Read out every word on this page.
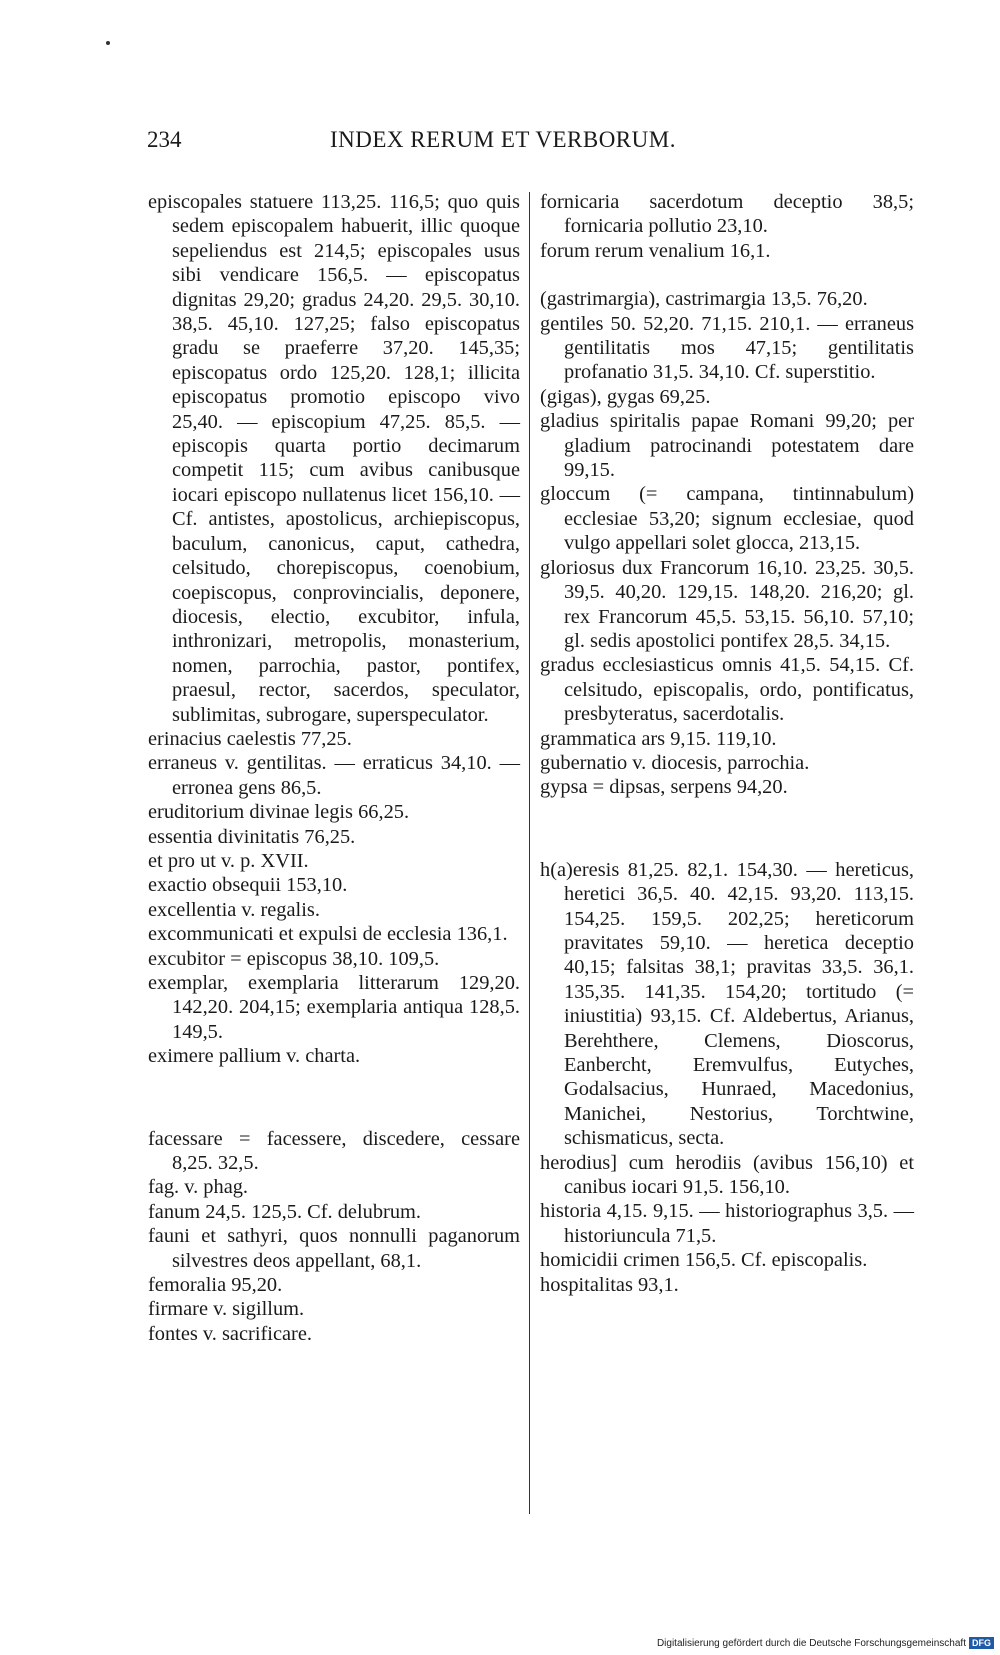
234	INDEX RERUM ET VERBORUM.

episcopales statuere 113,25. 116,5; quo quis sedem episcopalem habuerit, illic quoque sepeliendus est 214,5; episcopales usus sibi vendicare 156,5. — episcopatus dignitas 29,20; gradus 24,20. 29,5. 30,10. 38,5. 45,10. 127,25; falso episcopatus gradu se praeferre 37,20. 145,35; episcopatus ordo 125,20. 128,1; illicita episcopatus promotio episcopo vivo 25,40. — episcopium 47,25. 85,5. — episcopis quarta portio decimarum competit 115; cum avibus canibusque iocari episcopo nullatenus licet 156,10. — Cf. antistes, apostolicus, archiepiscopus, baculum, canonicus, caput, cathedra, celsitudo, chorepiscopus, coenobium, coepiscopus, conprovincialis, deponere, diocesis, electio, excubitor, infula, inthronizari, metropolis, monasterium, nomen, parrochia, pastor, pontifex, praesul, rector, sacerdos, speculator, sublimitas, subrogare, superspeculator.

erinacius caelestis 77,25.

erraneus v. gentilitas. — erraticus 34,10. — erronea gens 86,5.

eruditorium divinae legis 66,25.

essentia divinitatis 76,25.

et pro ut v. p. XVII.

exactio obsequii 153,10.

excellentia v. regalis.

excommunicati et expulsi de ecclesia 136,1.

excubitor = episcopus 38,10. 109,5.

exemplar, exemplaria litterarum 129,20. 142,20. 204,15; exemplaria antiqua 128,5. 149,5.

eximere pallium v. charta.

facessare = facessere, discedere, cessare 8,25. 32,5.

fag. v. phag.

fanum 24,5. 125,5. Cf. delubrum.

fauni et sathyri, quos nonnulli paganorum silvestres deos appellant, 68,1.

femoralia 95,20.

firmare v. sigillum.

fontes v. sacrificare.

fornicaria sacerdotum deceptio 38,5; fornicaria pollutio 23,10.

forum rerum venalium 16,1.

(gastrimargia), castrimargia 13,5. 76,20.

gentiles 50. 52,20. 71,15. 210,1. — erraneus gentilitatis mos 47,15; gentilitatis profanatio 31,5. 34,10. Cf. superstitio.

(gigas), gygas 69,25.

gladius spiritalis papae Romani 99,20; per gladium patrocinandi potestatem dare 99,15.

gloccum (= campana, tintinnabulum) ecclesiae 53,20; signum ecclesiae, quod vulgo appellari solet glocca, 213,15.

gloriosus dux Francorum 16,10. 23,25. 30,5. 39,5. 40,20. 129,15. 148,20. 216,20; gl. rex Francorum 45,5. 53,15. 56,10. 57,10; gl. sedis apostolici pontifex 28,5. 34,15.

gradus ecclesiasticus omnis 41,5. 54,15. Cf. celsitudo, episcopalis, ordo, pontificatus, presbyteratus, sacerdotalis.

grammatica ars 9,15. 119,10.

gubernatio v. diocesis, parrochia.

gypsa = dipsas, serpens 94,20.

h(a)eresis 81,25. 82,1. 154,30. — hereticus, heretici 36,5. 40. 42,15. 93,20. 113,15. 154,25. 159,5. 202,25; hereticorum pravitates 59,10. — heretica deceptio 40,15; falsitas 38,1; pravitas 33,5. 36,1. 135,35. 141,35. 154,20; tortitudo (= iniustitia) 93,15. Cf. Aldebertus, Arianus, Berehthere, Clemens, Dioscorus, Eanbercht, Eremvulfus, Eutyches, Godalsacius, Hunraed, Macedonius, Manichei, Nestorius, Torchtwine, schismaticus, secta.

herodius] cum herodiis (avibus 156,10) et canibus iocari 91,5. 156,10.

historia 4,15. 9,15. — historiographus 3,5. — historiuncula 71,5.

homicidii crimen 156,5. Cf. episcopalis.

hospitalitas 93,1.

Digitalisierung gefördert durch die Deutsche Forschungsgemeinschaft DFG
